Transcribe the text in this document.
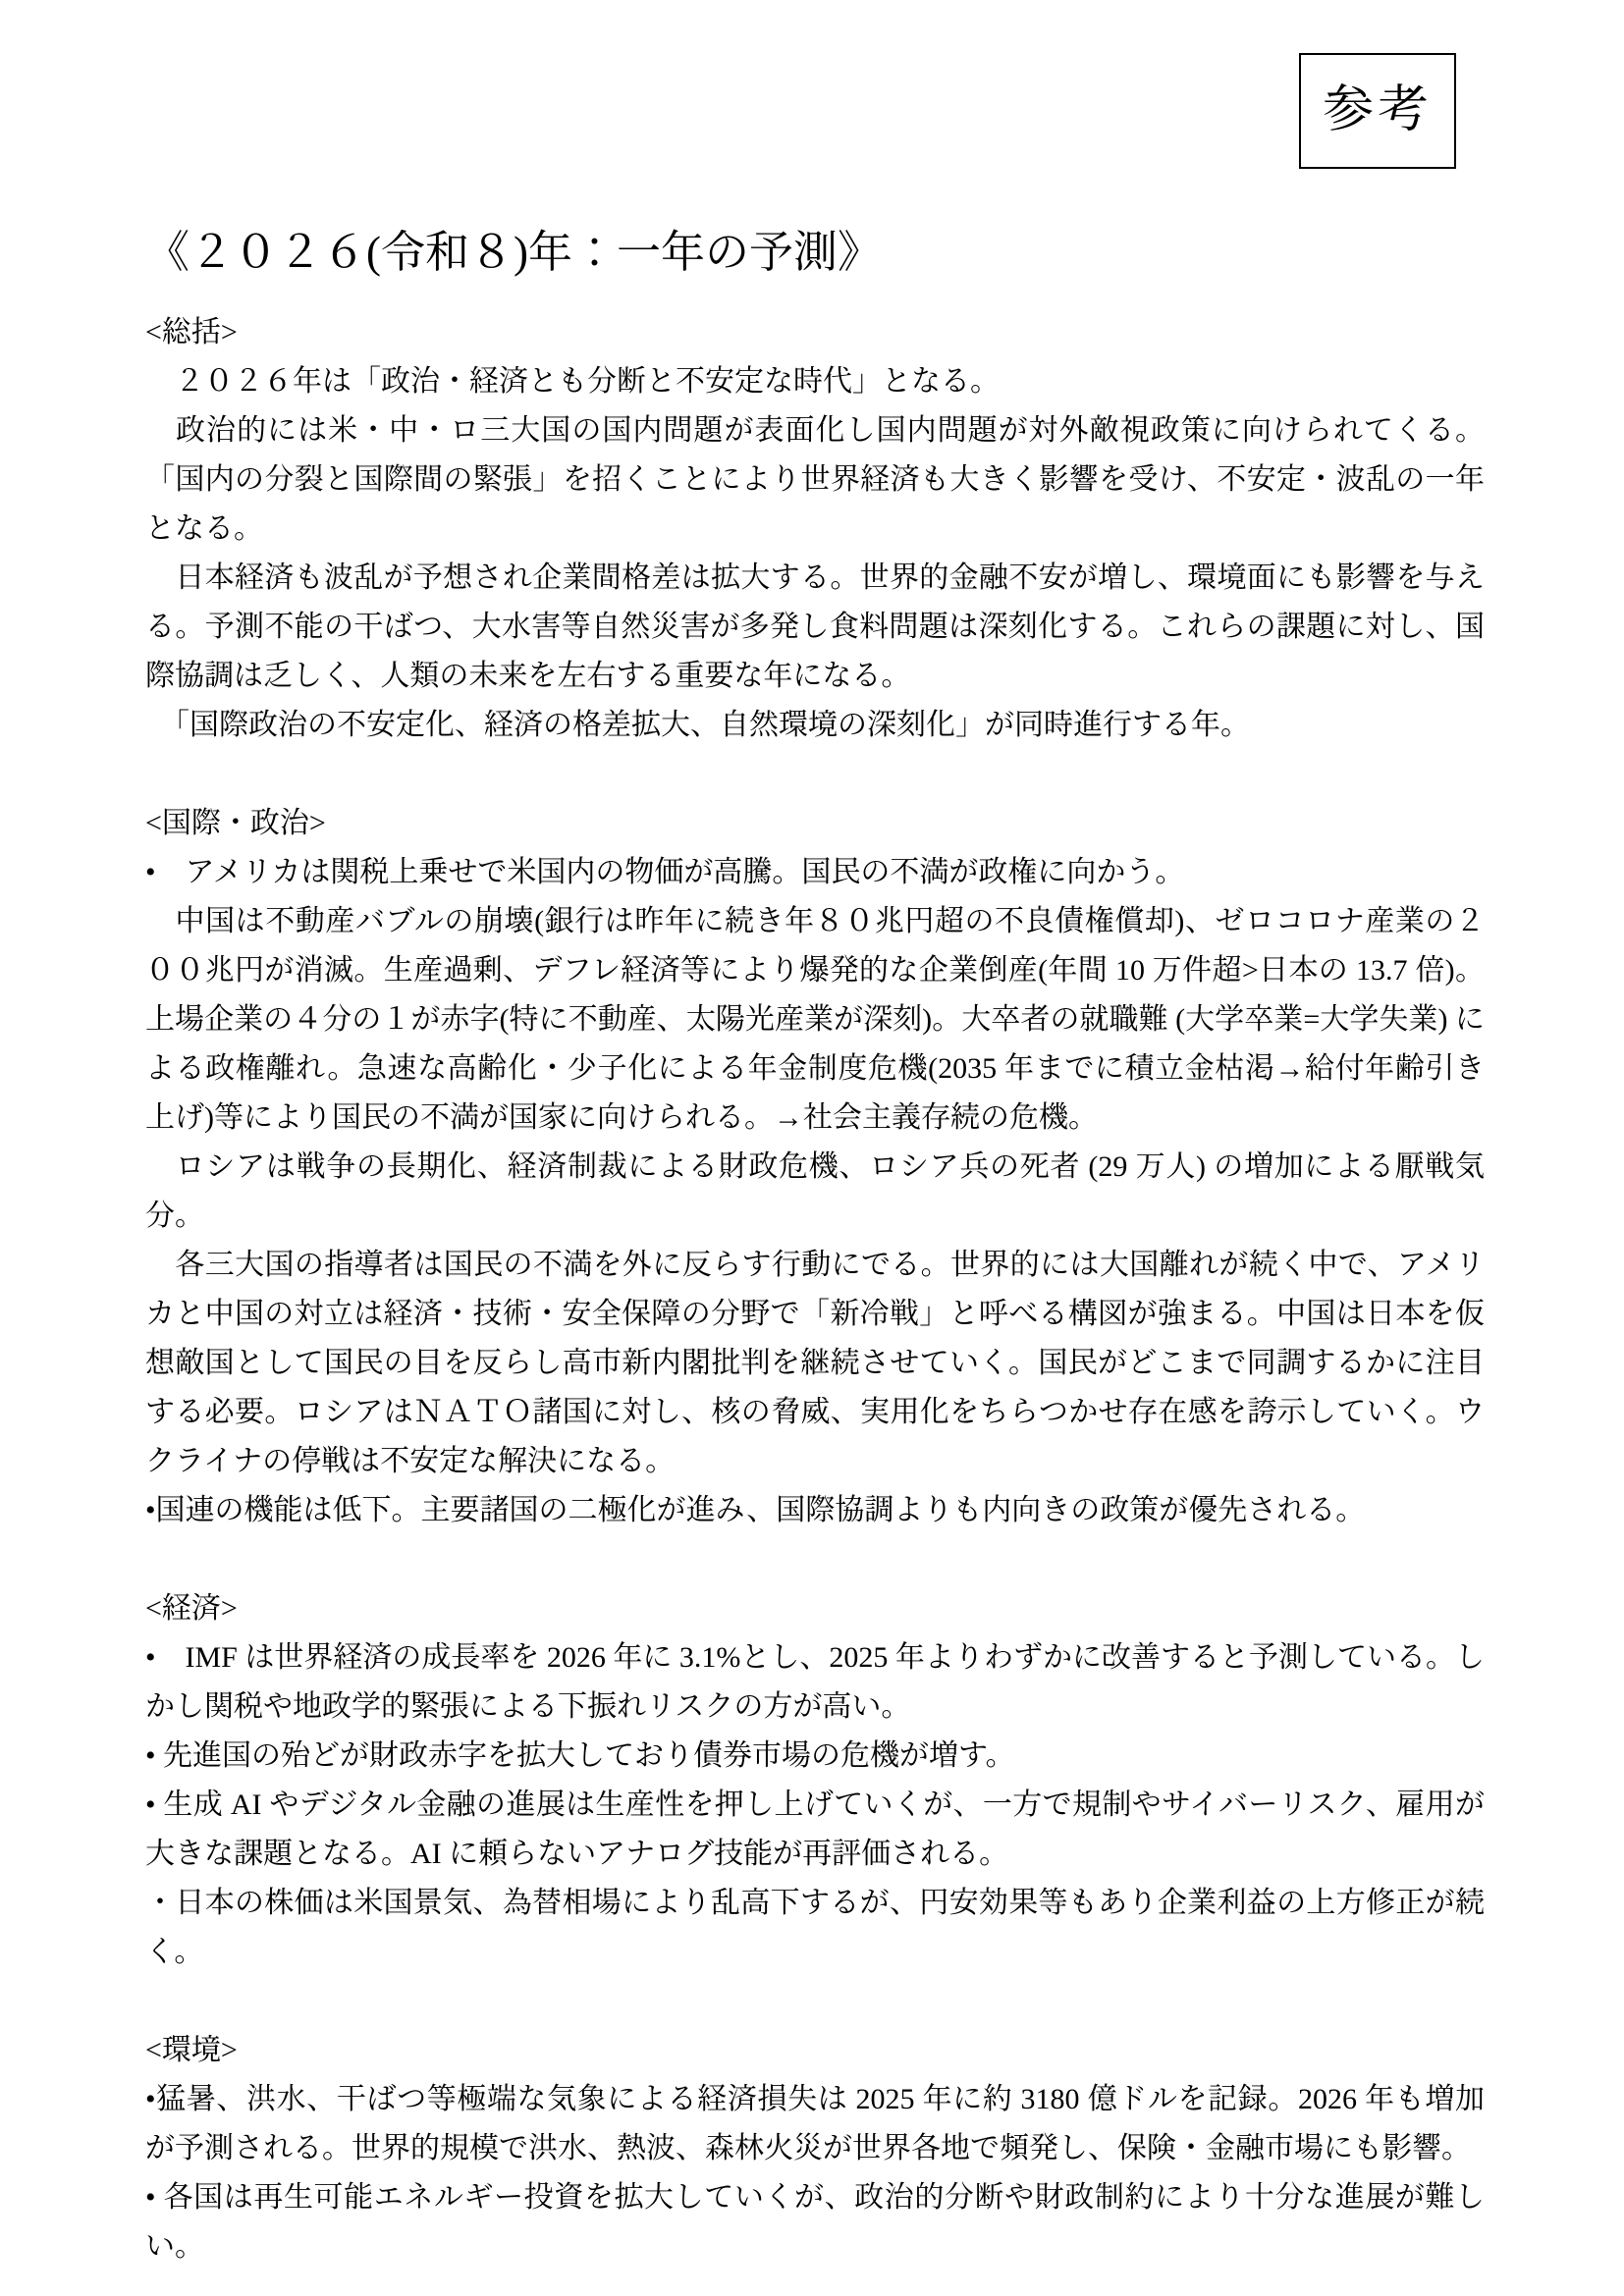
参考
《２０２６(令和８)年：一年の予測》

<総括>

　２０２６年は「政治・経済とも分断と不安定な時代」となる。

　政治的には米・中・ロ三大国の国内問題が表面化し国内問題が対外敵視政策に向けられてくる。「国内の分裂と国際間の緊張」を招くことにより世界経済も大きく影響を受け、不安定・波乱の一年となる。

　日本経済も波乱が予想され企業間格差は拡大する。世界的金融不安が増し、環境面にも影響を与える。予測不能の干ばつ、大水害等自然災害が多発し食料問題は深刻化する。これらの課題に対し、国際協調は乏しく、人類の未来を左右する重要な年になる。

　「国際政治の不安定化、経済の格差拡大、自然環境の深刻化」が同時進行する年。

<国際・政治>

•　アメリカは関税上乗せで米国内の物価が高騰。国民の不満が政権に向かう。

　中国は不動産バブルの崩壊(銀行は昨年に続き年８０兆円超の不良債権償却)、ゼロコロナ産業の２００兆円が消滅。生産過剰、デフレ経済等により爆発的な企業倒産(年間 10 万件超>日本の 13.7 倍)。上場企業の４分の１が赤字(特に不動産、太陽光産業が深刻)。大卒者の就職難 (大学卒業=大学失業) による政権離れ。急速な高齢化・少子化による年金制度危機(2035 年までに積立金枯渇→給付年齢引き上げ)等により国民の不満が国家に向けられる。→社会主義存続の危機。

　ロシアは戦争の長期化、経済制裁による財政危機、ロシア兵の死者 (29 万人) の増加による厭戦気分。

　各三大国の指導者は国民の不満を外に反らす行動にでる。世界的には大国離れが続く中で、アメリカと中国の対立は経済・技術・安全保障の分野で「新冷戦」と呼べる構図が強まる。中国は日本を仮想敵国として国民の目を反らし高市新内閣批判を継続させていく。国民がどこまで同調するかに注目する必要。ロシアはＮＡＴＯ諸国に対し、核の脅威、実用化をちらつかせ存在感を誇示していく。ウクライナの停戦は不安定な解決になる。

•国連の機能は低下。主要諸国の二極化が進み、国際協調よりも内向きの政策が優先される。

<経済>

•　IMF は世界経済の成長率を 2026 年に 3.1%とし、2025 年よりわずかに改善すると予測している。しかし関税や地政学的緊張による下振れリスクの方が高い。

• 先進国の殆どが財政赤字を拡大しており債券市場の危機が増す。

• 生成 AI やデジタル金融の進展は生産性を押し上げていくが、一方で規制やサイバーリスク、雇用が大きな課題となる。AI に頼らないアナログ技能が再評価される。

・日本の株価は米国景気、為替相場により乱高下するが、円安効果等もあり企業利益の上方修正が続く。

<環境>

•猛暑、洪水、干ばつ等極端な気象による経済損失は 2025 年に約 3180 億ドルを記録。2026 年も増加が予測される。世界的規模で洪水、熱波、森林火災が世界各地で頻発し、保険・金融市場にも影響。

• 各国は再生可能エネルギー投資を拡大していくが、政治的分断や財政制約により十分な進展が難しい。
